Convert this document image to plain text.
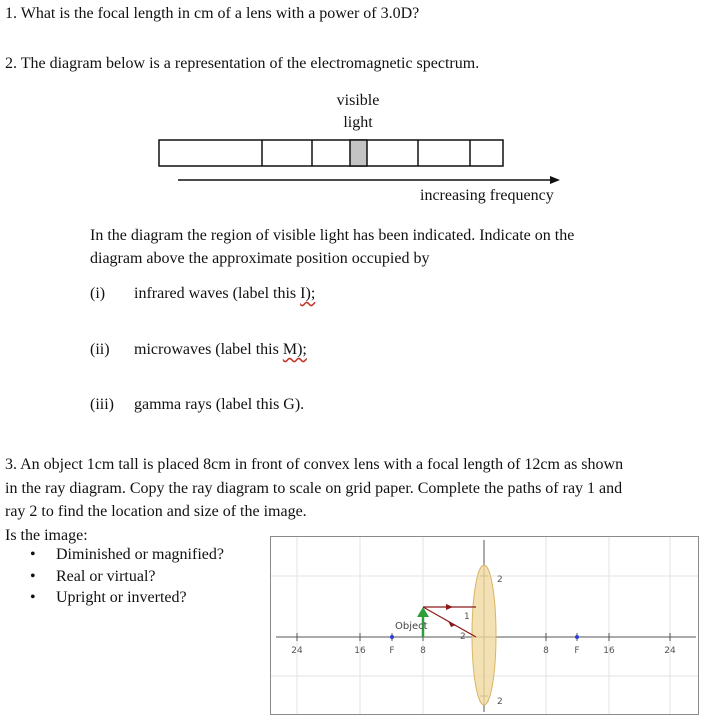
1. What is the focal length in cm of a lens with a power of 3.0D?
2. The diagram below is a representation of the electromagnetic spectrum.
visible
light
increasing frequency
In the diagram the region of visible light has been indicated. Indicate on the
diagram above the approximate position occupied by
(i) infrared waves (label this I);
(ii) microwaves (label this M);
(iii) gamma rays (label this G).
3. An object 1cm tall is placed 8cm in front of convex lens with a focal length of 12cm as shown
in the ray diagram. Copy the ray diagram to scale on grid paper. Complete the paths of ray 1 and
ray 2 to find the location and size of the image.
Is the image:
• Diminished or magnified?
• Real or virtual?
• Upright or inverted?
Object
1
2
2
2
24	16	F	8	8	F	16	24
